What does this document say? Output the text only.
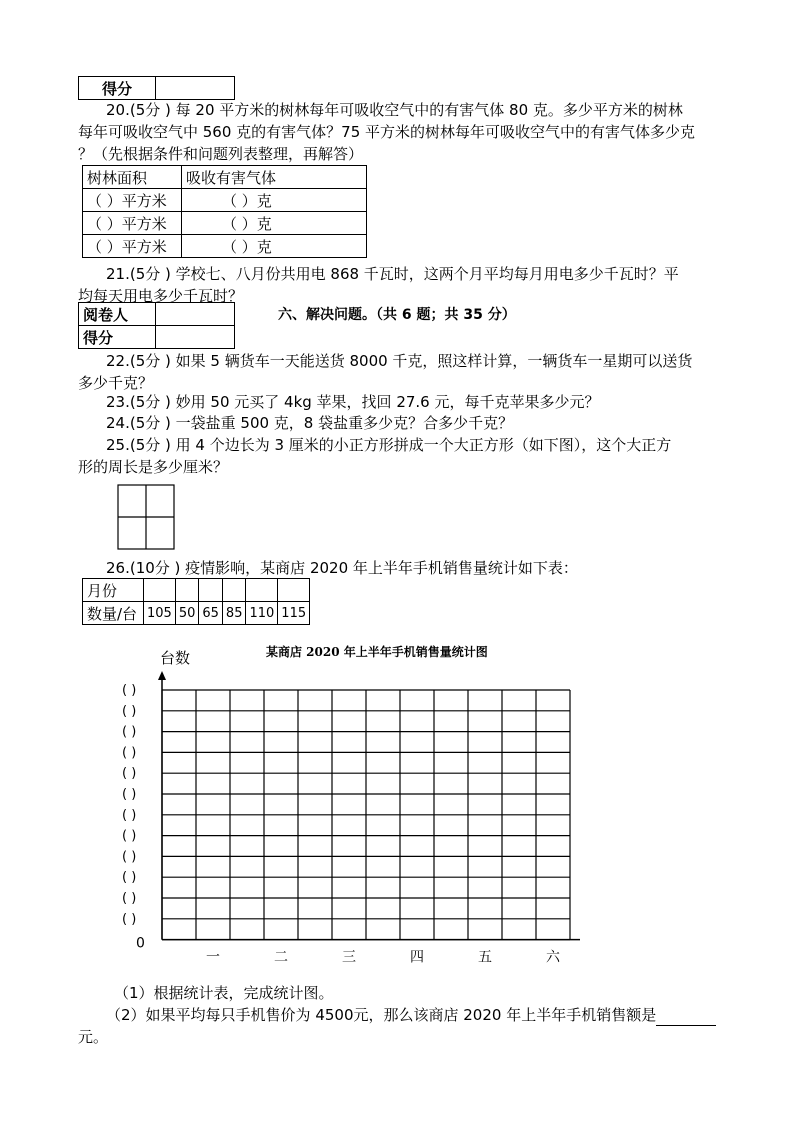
得分	
20.(5分 ) 每 20 平方米的树林每年可吸收空气中的有害气体 80 克。多少平方米的树林
每年可吸收空气中 560 克的有害气体？75 平方米的树林每年可吸收空气中的有害气体多少克
？（先根据条件和问题列表整理，再解答）
树林面积	吸收有害气体
（ ）平方米	（ ）克
（ ）平方米	（ ）克
（ ）平方米	（ ）克
21.(5分 ) 学校七、八月份共用电 868 千瓦时，这两个月平均每月用电多少千瓦时？平
均每天用电多少千瓦时？
阅卷人	
得分	
六、解决问题。（共 6 题；共 35 分）
22.(5分 ) 如果 5 辆货车一天能送货 8000 千克，照这样计算，一辆货车一星期可以送货
多少千克？
23.(5分 ) 妙用 50 元买了 4kg 苹果，找回 27.6 元，每千克苹果多少元？
24.(5分 ) 一袋盐重 500 克，8 袋盐重多少克？合多少千克？
25.(5分 ) 用 4 个边长为 3 厘米的小正方形拼成一个大正方形（如下图），这个大正方
形的周长是多少厘米？
26.(10分 ) 疫情影响，某商店 2020 年上半年手机销售量统计如下表：
月份						
数量/台	105	50	65	85	110	115
台数	某商店 2020 年上半年手机销售量统计图
0
( )
( )
( )
( )
( )
( )
( )
( )
( )
( )
( )
( )
一	二	三	四	五	六
（1）根据统计表，完成统计图。
（2）如果平均每只手机售价为 4500元，那么该商店 2020 年上半年手机销售额是
元。
